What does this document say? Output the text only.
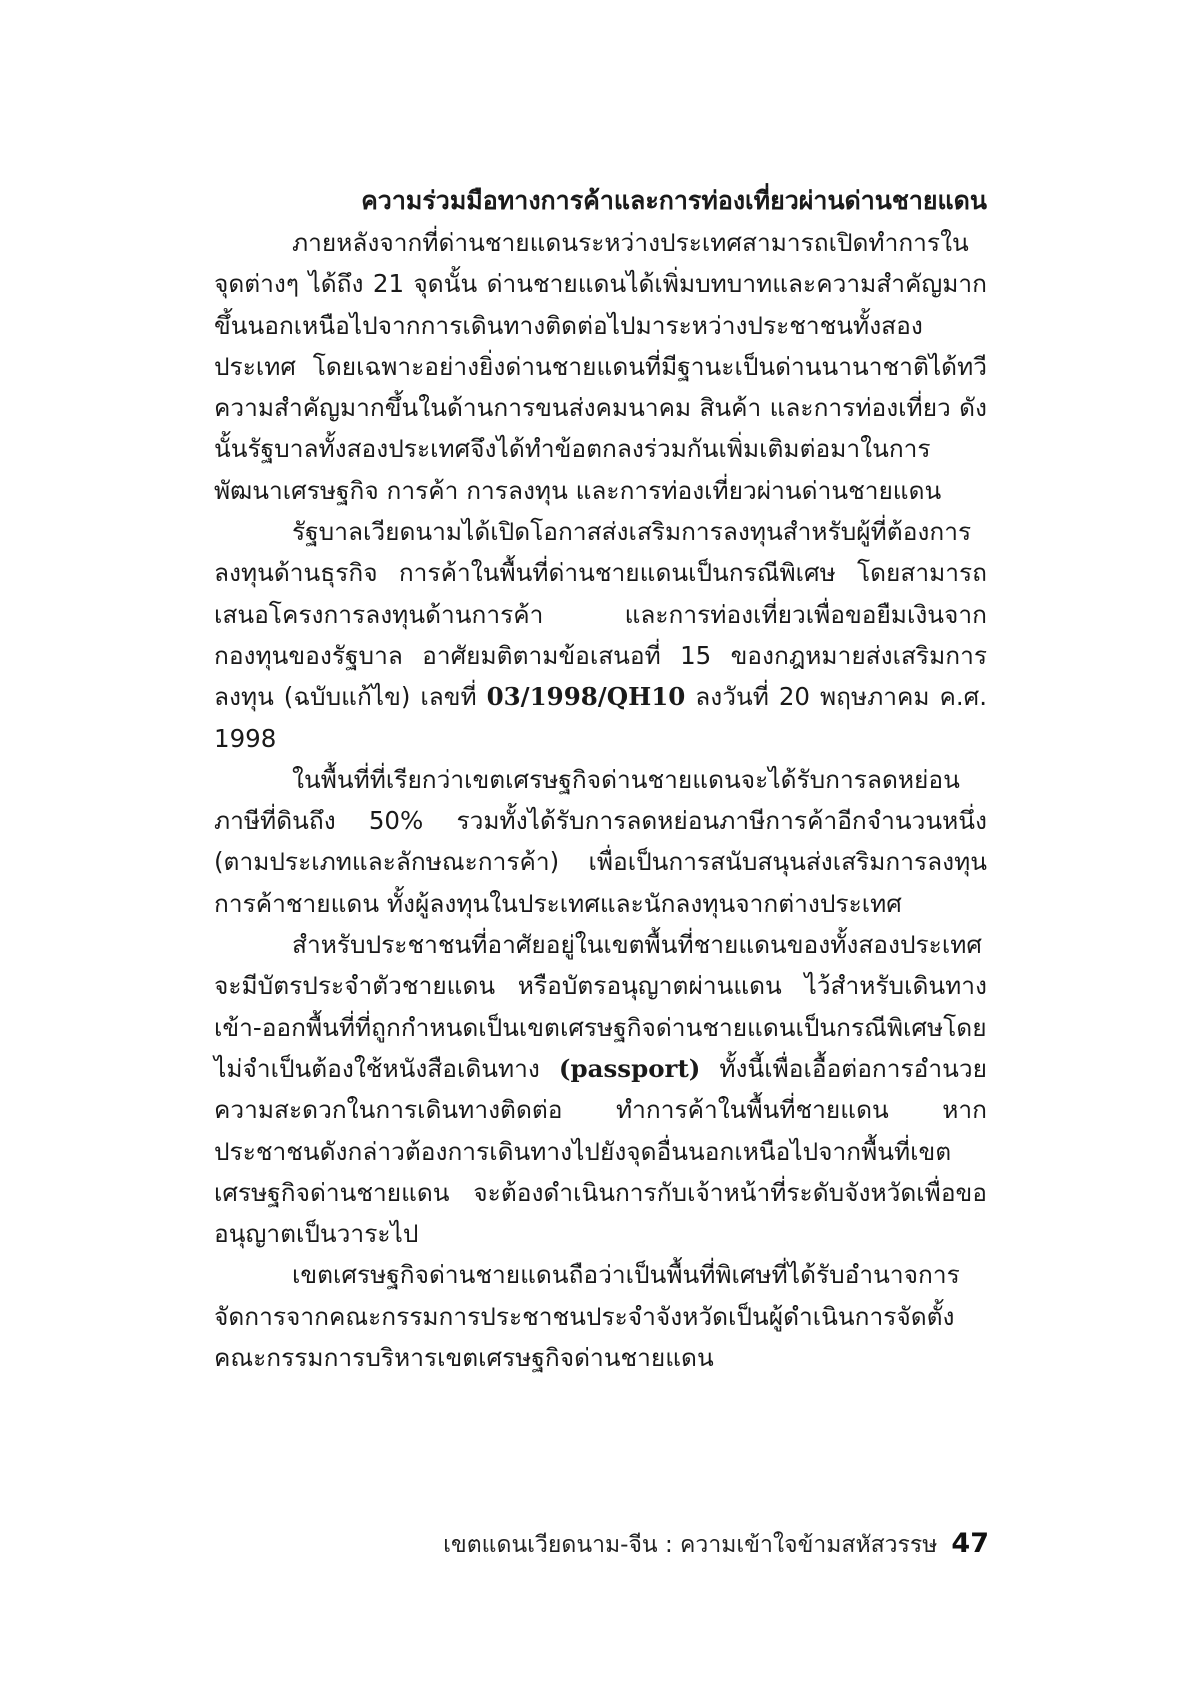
ความร่วมมือทางการค้าและการท่องเที่ยวผ่านด่านชายแดน

ภายหลังจากที่ด่านชายแดนระหว่างประเทศสามารถเปิดทำการในจุดต่างๆ ได้ถึง 21 จุดนั้น ด่านชายแดนได้เพิ่มบทบาทและความสำคัญมากขึ้นนอกเหนือไปจากการเดินทางติดต่อไปมาระหว่างประชาชนทั้งสองประเทศ โดยเฉพาะอย่างยิ่งด่านชายแดนที่มีฐานะเป็นด่านนานาชาติได้ทวีความสำคัญมากขึ้นในด้านการขนส่งคมนาคม สินค้า และการท่องเที่ยว ดังนั้นรัฐบาลทั้งสองประเทศจึงได้ทำข้อตกลงร่วมกันเพิ่มเติมต่อมาในการพัฒนาเศรษฐกิจ การค้า การลงทุน และการท่องเที่ยวผ่านด่านชายแดน

รัฐบาลเวียดนามได้เปิดโอกาสส่งเสริมการลงทุนสำหรับผู้ที่ต้องการลงทุนด้านธุรกิจ การค้าในพื้นที่ด่านชายแดนเป็นกรณีพิเศษ โดยสามารถเสนอโครงการลงทุนด้านการค้า และการท่องเที่ยวเพื่อขอยืมเงินจากกองทุนของรัฐบาล อาศัยมติตามข้อเสนอที่ 15 ของกฎหมายส่งเสริมการลงทุน (ฉบับแก้ไข) เลขที่ 03/1998/QH10 ลงวันที่ 20 พฤษภาคม ค.ศ. 1998

ในพื้นที่ที่เรียกว่าเขตเศรษฐกิจด่านชายแดนจะได้รับการลดหย่อนภาษีที่ดินถึง 50% รวมทั้งได้รับการลดหย่อนภาษีการค้าอีกจำนวนหนึ่ง (ตามประเภทและลักษณะการค้า) เพื่อเป็นการสนับสนุนส่งเสริมการลงทุนการค้าชายแดน ทั้งผู้ลงทุนในประเทศและนักลงทุนจากต่างประเทศ

สำหรับประชาชนที่อาศัยอยู่ในเขตพื้นที่ชายแดนของทั้งสองประเทศจะมีบัตรประจำตัวชายแดน หรือบัตรอนุญาตผ่านแดน ไว้สำหรับเดินทางเข้า-ออกพื้นที่ที่ถูกกำหนดเป็นเขตเศรษฐกิจด่านชายแดนเป็นกรณีพิเศษโดยไม่จำเป็นต้องใช้หนังสือเดินทาง (passport) ทั้งนี้เพื่อเอื้อต่อการอำนวยความสะดวกในการเดินทางติดต่อ ทำการค้าในพื้นที่ชายแดน หากประชาชนดังกล่าวต้องการเดินทางไปยังจุดอื่นนอกเหนือไปจากพื้นที่เขตเศรษฐกิจด่านชายแดน จะต้องดำเนินการกับเจ้าหน้าที่ระดับจังหวัดเพื่อขออนุญาตเป็นวาระไป

เขตเศรษฐกิจด่านชายแดนถือว่าเป็นพื้นที่พิเศษที่ได้รับอำนาจการจัดการจากคณะกรรมการประชาชนประจำจังหวัดเป็นผู้ดำเนินการจัดตั้งคณะกรรมการบริหารเขตเศรษฐกิจด่านชายแดน

เขตแดนเวียดนาม-จีน : ความเข้าใจข้ามสหัสวรรษ 47
